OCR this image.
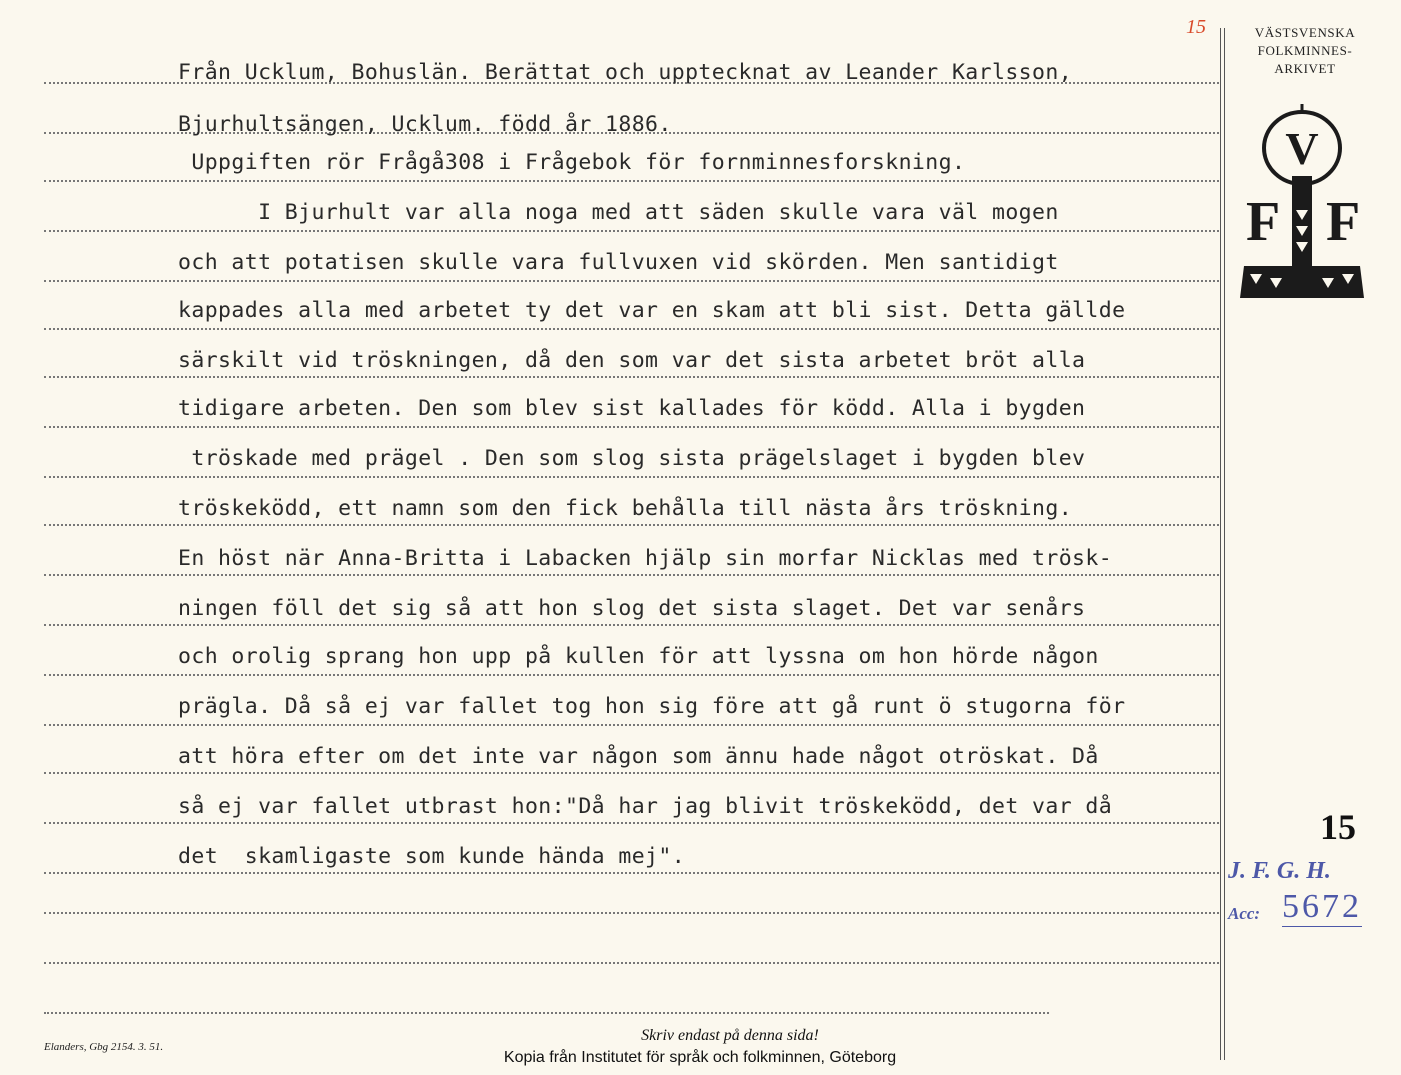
Från Ucklum, Bohuslän. Berättat och upptecknat av Leander Karlsson,
Bjurhultsängen, Ucklum. född år 1886.
Uppgiften rör Frågå308 i Frågebok för fornminnesforskning.
I Bjurhult var alla noga med att säden skulle vara väl mogen
och att potatisen skulle vara fullvuxen vid skörden. Men santidigt
kappades alla med arbetet ty det var en skam att bli sist. Detta gällde
särskilt vid tröskningen, då den som var det sista arbetet bröt alla
tidigare arbeten. Den som blev sist kallades för ködd. Alla i bygden
tröskade med prägel . Den som slog sista prägelslaget i bygden blev
tröskeködd, ett namn som den fick behålla till nästa års tröskning.
En höst när Anna-Britta i Labacken hjälp sin morfar Nicklas med trösk-
ningen föll det sig så att hon slog det sista slaget. Det var senårs
och orolig sprang hon upp på kullen för att lyssna om hon hörde någon
prägla. Då så ej var fallet tog hon sig före att gå runt ö stugorna för
att höra efter om det inte var någon som ännu hade något otröskat. Då
så ej var fallet utbrast hon:"Då har jag blivit tröskeködd, det var då
det  skamligaste som kunde hända mej".
15	VÄSTSVENSKA
FOLKMINNES-
ARKIVET
V
F F
15
J. F. G. H.
Acc: 5672
Elanders, Gbg 2154. 3. 51.
Skriv endast på denna sida!
Kopia från Institutet för språk och folkminnen, Göteborg
